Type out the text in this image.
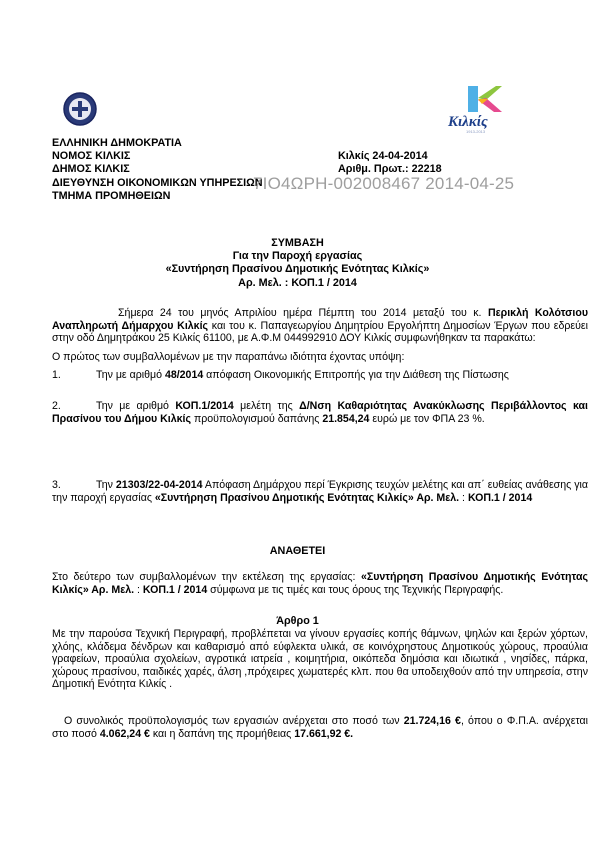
Κιλκίς
1913-2013
ΕΛΛΗΝΙΚΗ ΔΗΜΟΚΡΑΤΙΑ
ΝΟΜΟΣ ΚΙΛΚΙΣ
ΔΗΜΟΣ ΚΙΛΚΙΣ
ΔΙΕΥΘΥΝΣΗ ΟΙΚΟΝΟΜΙΚΩΝ ΥΠΗΡΕΣΙΩΝ
ΤΜΗΜΑ ΠΡΟΜΗΘΕΙΩΝ
Κιλκίς 24-04-2014
Αριθμ. Πρωτ.: 22218
7ΙΟ4ΩΡΗ-002008467 2014-04-25
ΣΥΜΒΑΣΗ
Για την Παροχή εργασίας
«Συντήρηση Πρασίνου Δημοτικής Ενότητας Κιλκίς»
Αρ. Μελ. : ΚΟΠ.1 / 2014
Σήμερα 24 του μηνός Απριλίου ημέρα Πέμπτη του 2014 μεταξύ του κ. Περικλή Κολότσιου Αναπληρωτή Δήμαρχου Κιλκίς και του κ. Παπαγεωργίου Δημητρίου Εργολήπτη Δημοσίων Έργων που εδρεύει στην οδό Δημητράκου 25 Κιλκίς 61100, με Α.Φ.Μ 044992910 ΔΟΥ Κιλκίς συμφωνήθηκαν τα παρακάτω:
Ο πρώτος των συμβαλλομένων με την παραπάνω ιδιότητα έχοντας υπόψη:
1.	Την με αριθμό 48/2014 απόφαση Οικονομικής Επιτροπής για την Διάθεση της Πίστωσης
2.	Την με αριθμό ΚΟΠ.1/2014 μελέτη της Δ/Νση Καθαριότητας Ανακύκλωσης Περιβάλλοντος και Πρασίνου του Δήμου Κιλκίς προϋπολογισμού δαπάνης 21.854,24 ευρώ με τον ΦΠΑ 23 %.
3.	Την 21303/22-04-2014 Απόφαση Δημάρχου περί Έγκρισης τευχών μελέτης και απ΄ ευθείας ανάθεσης για την παροχή εργασίας «Συντήρηση Πρασίνου Δημοτικής Ενότητας Κιλκίς» Αρ. Μελ. : ΚΟΠ.1 / 2014
ΑΝΑΘΕΤΕΙ
Στο δεύτερο των συμβαλλομένων την εκτέλεση της εργασίας: «Συντήρηση Πρασίνου Δημοτικής Ενότητας Κιλκίς» Αρ. Μελ. : ΚΟΠ.1 / 2014 σύμφωνα με τις τιμές και τους όρους της Τεχνικής Περιγραφής.
Άρθρο 1
Με την παρούσα Τεχνική Περιγραφή, προβλέπεται να γίνουν εργασίες κοπής θάμνων, ψηλών και ξερών χόρτων, χλόης, κλάδεμα δένδρων και καθαρισμό από εύφλεκτα υλικά, σε κοινόχρηστους Δημοτικούς χώρους, προαύλια γραφείων, προαύλια σχολείων, αγροτικά ιατρεία , κοιμητήρια, οικόπεδα δημόσια και ιδιωτικά , νησίδες, πάρκα, χώρους πρασίνου, παιδικές χαρές, άλση ,πρόχειρες χωματερές κλπ. που θα υποδειχθούν από την υπηρεσία, στην Δημοτική Ενότητα Κιλκίς .
Ο συνολικός προϋπολογισμός των εργασιών ανέρχεται στο ποσό των 21.724,16 €, όπου ο Φ.Π.Α. ανέρχεται στο ποσό 4.062,24 € και η δαπάνη της προμήθειας 17.661,92 €.
